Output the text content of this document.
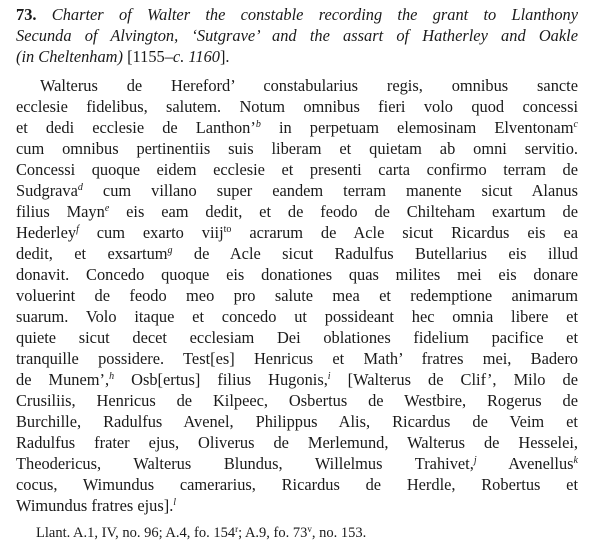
73. Charter of Walter the constable recording the grant to Llanthony
Secunda of Alvington, ‘Sutgrave’ and the assart of Hatherley and Oakle
(in Cheltenham) [1155–c. 1160].
Walterus de Hereford’ constabularius regis, omnibus sancte
ecclesie fidelibus, salutem. Notum omnibus fieri volo quod concessi
et dedi ecclesie de Lanthon’$^b$ in perpetuam elemosinam Elventonam$^c$
cum omnibus pertinentiis suis liberam et quietam ab omni servitio.
Concessi quoque eidem ecclesie et presenti carta confirmo terram de
Sudgrava$^d$ cum villano super eandem terram manente sicut Alanus
filius Mayn$^e$ eis eam dedit, et de feodo de Chilteham exartum de
Hederley$^f$ cum exarto viij$^{to}$ acrarum de Acle sicut Ricardus eis ea
dedit, et exsartum$^g$ de Acle sicut Radulfus Butellarius eis illud
donavit. Concedo quoque eis donationes quas milites mei eis donare
voluerint de feodo meo pro salute mea et redemptione animarum
suarum. Volo itaque et concedo ut possideant hec omnia libere et
quiete sicut decet ecclesiam Dei oblationes fidelium pacifice et
tranquille possidere. Test[es] Henricus et Math’ fratres mei, Badero
de Munem’,$^h$ Osb[ertus] filius Hugonis,$^i$ [Walterus de Clif’, Milo de
Crusiliis, Henricus de Kilpeec, Osbertus de Westbire, Rogerus de
Burchille, Radulfus Avenel, Philippus Alis, Ricardus de Veim et
Radulfus frater ejus, Oliverus de Merlemund, Walterus de Hesselei,
Theodericus, Walterus Blundus, Willelmus Trahivet,$^j$ Avenellus$^k$
cocus, Wimundus camerarius, Ricardus de Herdle, Robertus et
Wimundus fratres ejus].$^l$
Llant. A.1, IV, no. 96; A.4, fo. 154$^r$; A.9, fo. 73$^v$, no. 153.
